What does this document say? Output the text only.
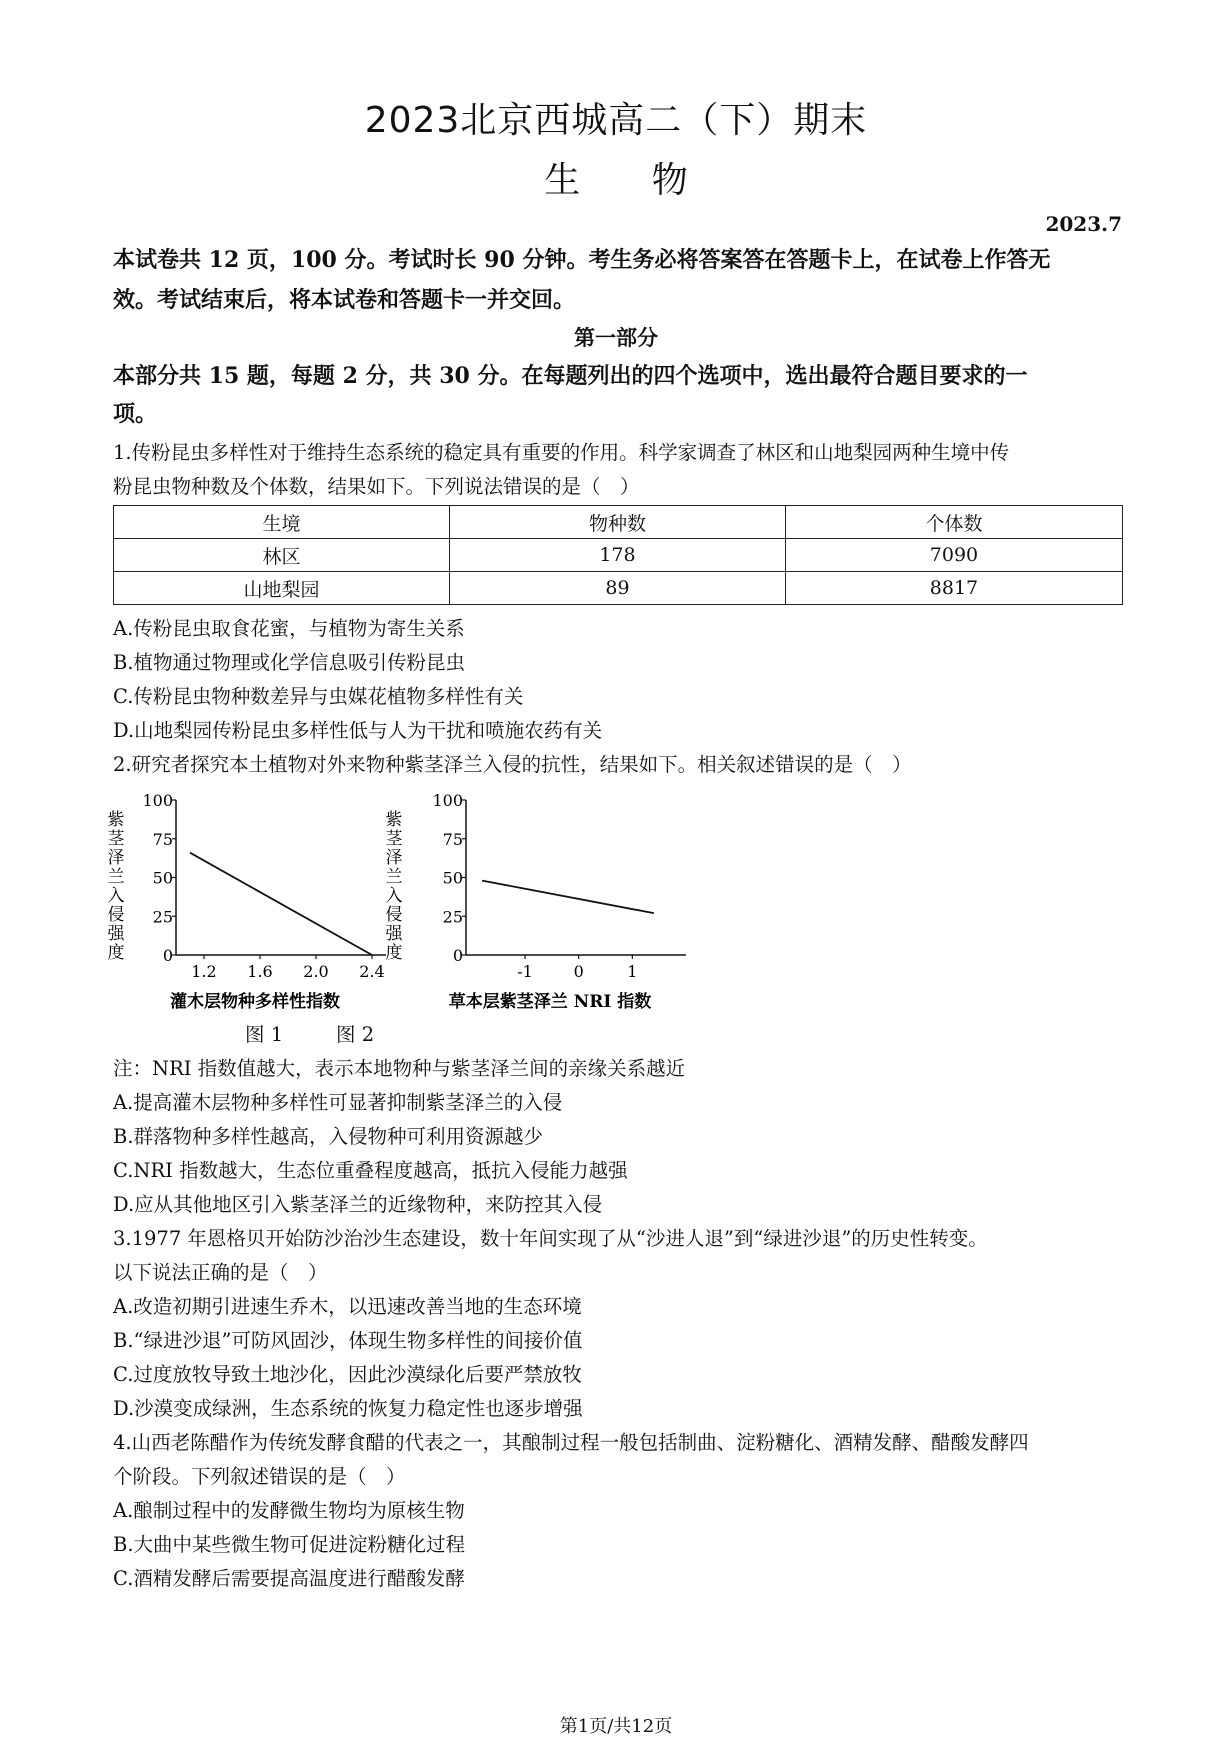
2023北京西城高二（下）期末
生 物
2023.7
本试卷共 12 页，100 分。考试时长 90 分钟。考生务必将答案答在答题卡上，在试卷上作答无
效。考试结束后，将本试卷和答题卡一并交回。
第一部分
本部分共 15 题，每题 2 分，共 30 分。在每题列出的四个选项中，选出最符合题目要求的一
项。
1.传粉昆虫多样性对于维持生态系统的稳定具有重要的作用。科学家调查了林区和山地梨园两种生境中传
粉昆虫物种数及个体数，结果如下。下列说法错误的是（　）
生境	物种数	个体数
林区	178	7090
山地梨园	89	8817
A.传粉昆虫取食花蜜，与植物为寄生关系
B.植物通过物理或化学信息吸引传粉昆虫
C.传粉昆虫物种数差异与虫媒花植物多样性有关
D.山地梨园传粉昆虫多样性低与人为干扰和喷施农药有关
2.研究者探究本土植物对外来物种紫茎泽兰入侵的抗性，结果如下。相关叙述错误的是（　）
0
25
50
75
100
1.2 1.6 2.0 2.4
紫
茎
泽
兰
入
侵
强
度
灌木层物种多样性指数
0
25
50
75
100
-1	0	1
紫
茎
泽
兰
入
侵
强
度
草本层紫茎泽兰 NRI 指数
图 1	图 2
注：NRI 指数值越大，表示本地物种与紫茎泽兰间的亲缘关系越近
A.提高灌木层物种多样性可显著抑制紫茎泽兰的入侵
B.群落物种多样性越高，入侵物种可利用资源越少
C.NRI 指数越大，生态位重叠程度越高，抵抗入侵能力越强
D.应从其他地区引入紫茎泽兰的近缘物种，来防控其入侵
3.1977 年恩格贝开始防沙治沙生态建设，数十年间实现了从“沙进人退”到“绿进沙退”的历史性转变。
以下说法正确的是（　）
A.改造初期引进速生乔木，以迅速改善当地的生态环境
B.“绿进沙退”可防风固沙，体现生物多样性的间接价值
C.过度放牧导致土地沙化，因此沙漠绿化后要严禁放牧
D.沙漠变成绿洲，生态系统的恢复力稳定性也逐步增强
4.山西老陈醋作为传统发酵食醋的代表之一，其酿制过程一般包括制曲、淀粉糖化、酒精发酵、醋酸发酵四
个阶段。下列叙述错误的是（　）
A.酿制过程中的发酵微生物均为原核生物
B.大曲中某些微生物可促进淀粉糖化过程
C.酒精发酵后需要提高温度进行醋酸发酵
第1页/共12页
